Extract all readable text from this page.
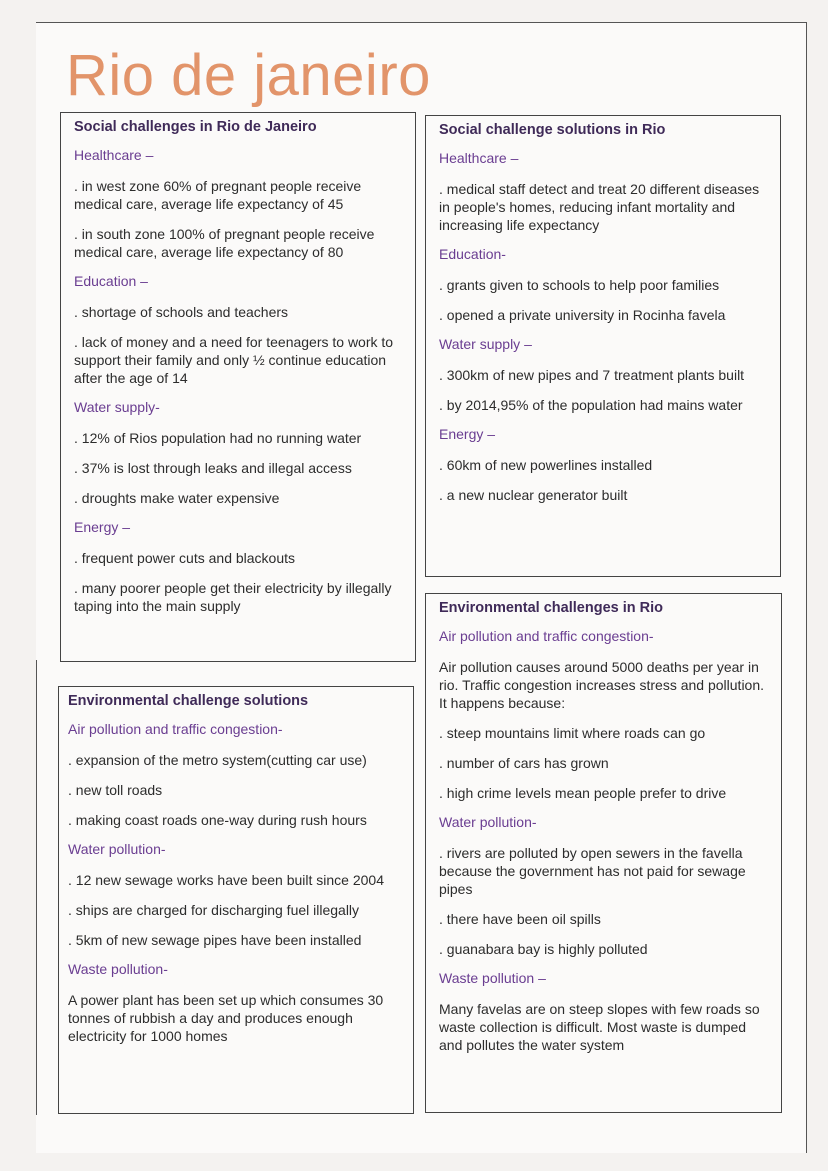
Rio de janeiro

Social challenges in Rio de Janeiro

Healthcare –

. in west zone 60% of pregnant people receive medical care, average life expectancy of 45

. in south zone 100% of pregnant people receive medical care, average life expectancy of 80

Education –

. shortage of schools and teachers

. lack of money and a need for teenagers to work to support their family and only ½ continue education after the age of 14

Water supply-

. 12% of Rios population had no running water

. 37% is lost through leaks and illegal access

. droughts make water expensive

Energy –

. frequent power cuts and blackouts

. many poorer people get their electricity by illegally taping into the main supply

Social challenge solutions in Rio

Healthcare –

. medical staff detect and treat 20 different diseases in people's homes, reducing infant mortality and increasing life expectancy

Education-

. grants given to schools to help poor families

. opened a private university in Rocinha favela

Water supply –

. 300km of new pipes and 7 treatment plants built

. by 2014,95% of the population had mains water

Energy –

. 60km of new powerlines installed

. a new nuclear generator built

Environmental challenges in Rio

Air pollution and traffic congestion-

Air pollution causes around 5000 deaths per year in rio. Traffic congestion increases stress and pollution. It happens because:

. steep mountains limit where roads can go

. number of cars has grown

. high crime levels mean people prefer to drive

Water pollution-

. rivers are polluted by open sewers in the favella because the government has not paid for sewage pipes

. there have been oil spills

. guanabara bay is highly polluted

Waste pollution –

Many favelas are on steep slopes with few roads so waste collection is difficult. Most waste is dumped and pollutes the water system

Environmental challenge solutions

Air pollution and traffic congestion-

. expansion of the metro system(cutting car use)

. new toll roads

. making coast roads one-way during rush hours

Water pollution-

. 12 new sewage works have been built since 2004

. ships are charged for discharging fuel illegally

. 5km of new sewage pipes have been installed

Waste pollution-

A power plant has been set up which consumes 30 tonnes of rubbish a day and produces enough electricity for 1000 homes
